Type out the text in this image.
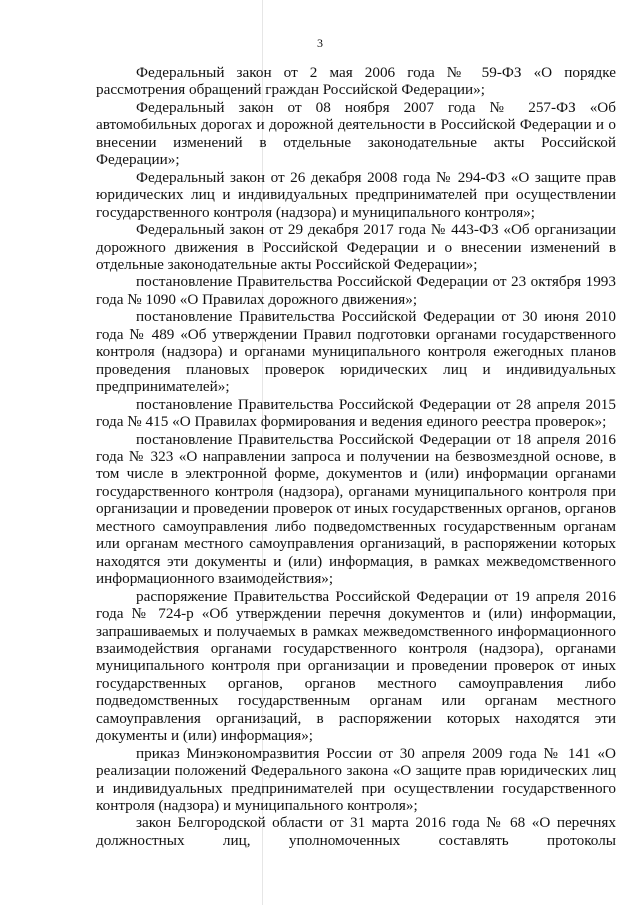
3

Федеральный закон от 2 мая 2006 года № 59-ФЗ «О порядке рассмотрения обращений граждан Российской Федерации»;

Федеральный закон от 08 ноября 2007 года № 257-ФЗ «Об автомобильных дорогах и дорожной деятельности в Российской Федерации и о внесении изменений в отдельные законодательные акты Российской Федерации»;

Федеральный закон от 26 декабря 2008 года № 294-ФЗ «О защите прав юридических лиц и индивидуальных предпринимателей при осуществлении государственного контроля (надзора) и муниципального контроля»;

Федеральный закон от 29 декабря 2017 года № 443-ФЗ «Об организации дорожного движения в Российской Федерации и о внесении изменений в отдельные законодательные акты Российской Федерации»;

постановление Правительства Российской Федерации от 23 октября 1993 года № 1090 «О Правилах дорожного движения»;

постановление Правительства Российской Федерации от 30 июня 2010 года № 489 «Об утверждении Правил подготовки органами государственного контроля (надзора) и органами муниципального контроля ежегодных планов проведения плановых проверок юридических лиц и индивидуальных предпринимателей»;

постановление Правительства Российской Федерации от 28 апреля 2015 года № 415 «О Правилах формирования и ведения единого реестра проверок»;

постановление Правительства Российской Федерации от 18 апреля 2016 года № 323 «О направлении запроса и получении на безвозмездной основе, в том числе в электронной форме, документов и (или) информации органами государственного контроля (надзора), органами муниципального контроля при организации и проведении проверок от иных государственных органов, органов местного самоуправления либо подведомственных государственным органам или органам местного самоуправления организаций, в распоряжении которых находятся эти документы и (или) информация, в рамках межведомственного информационного взаимодействия»;

распоряжение Правительства Российской Федерации от 19 апреля 2016 года № 724-р «Об утверждении перечня документов и (или) информации, запрашиваемых и получаемых в рамках межведомственного информационного взаимодействия органами государственного контроля (надзора), органами муниципального контроля при организации и проведении проверок от иных государственных органов, органов местного самоуправления либо подведомственных государственным органам или органам местного самоуправления организаций, в распоряжении которых находятся эти документы и (или) информация»;

приказ Минэкономразвития России от 30 апреля 2009 года № 141 «О реализации положений Федерального закона «О защите прав юридических лиц и индивидуальных предпринимателей при осуществлении государственного контроля (надзора) и муниципального контроля»;

закон Белгородской области от 31 марта 2016 года № 68 «О перечнях должностных лиц, уполномоченных составлять протоколы
